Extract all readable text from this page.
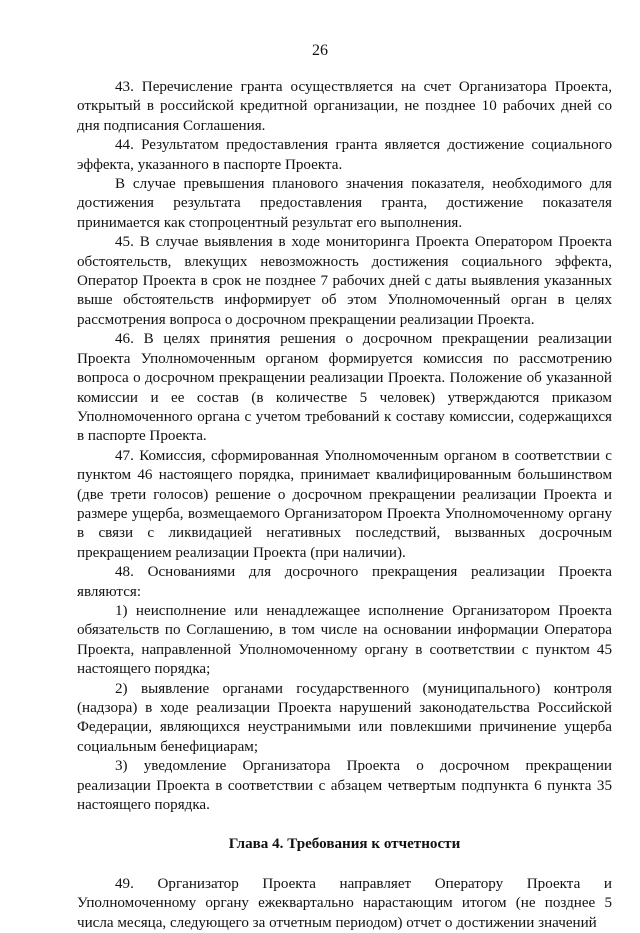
26

43. Перечисление гранта осуществляется на счет Организатора Проекта, открытый в российской кредитной организации, не позднее 10 рабочих дней со дня подписания Соглашения.

44. Результатом предоставления гранта является достижение социального эффекта, указанного в паспорте Проекта.

В случае превышения планового значения показателя, необходимого для достижения результата предоставления гранта, достижение показателя принимается как стопроцентный результат его выполнения.

45. В случае выявления в ходе мониторинга Проекта Оператором Проекта обстоятельств, влекущих невозможность достижения социального эффекта, Оператор Проекта в срок не позднее 7 рабочих дней с даты выявления указанных выше обстоятельств информирует об этом Уполномоченный орган в целях рассмотрения вопроса о досрочном прекращении реализации Проекта.

46. В целях принятия решения о досрочном прекращении реализации Проекта Уполномоченным органом формируется комиссия по рассмотрению вопроса о досрочном прекращении реализации Проекта. Положение об указанной комиссии и ее состав (в количестве 5 человек) утверждаются приказом Уполномоченного органа с учетом требований к составу комиссии, содержащихся в паспорте Проекта.

47. Комиссия, сформированная Уполномоченным органом в соответствии с пунктом 46 настоящего порядка, принимает квалифицированным большинством (две трети голосов) решение о досрочном прекращении реализации Проекта и размере ущерба, возмещаемого Организатором Проекта Уполномоченному органу в связи с ликвидацией негативных последствий, вызванных досрочным прекращением реализации Проекта (при наличии).

48. Основаниями для досрочного прекращения реализации Проекта являются:

1) неисполнение или ненадлежащее исполнение Организатором Проекта обязательств по Соглашению, в том числе на основании информации Оператора Проекта, направленной Уполномоченному органу в соответствии с пунктом 45 настоящего порядка;

2) выявление органами государственного (муниципального) контроля (надзора) в ходе реализации Проекта нарушений законодательства Российской Федерации, являющихся неустранимыми или повлекшими причинение ущерба социальным бенефициарам;

3) уведомление Организатора Проекта о досрочном прекращении реализации Проекта в соответствии с абзацем четвертым подпункта 6 пункта 35 настоящего порядка.

Глава 4. Требования к отчетности

49. Организатор Проекта направляет Оператору Проекта и Уполномоченному органу ежеквартально нарастающим итогом (не позднее 5 числа месяца, следующего за отчетным периодом) отчет о достижении значений
